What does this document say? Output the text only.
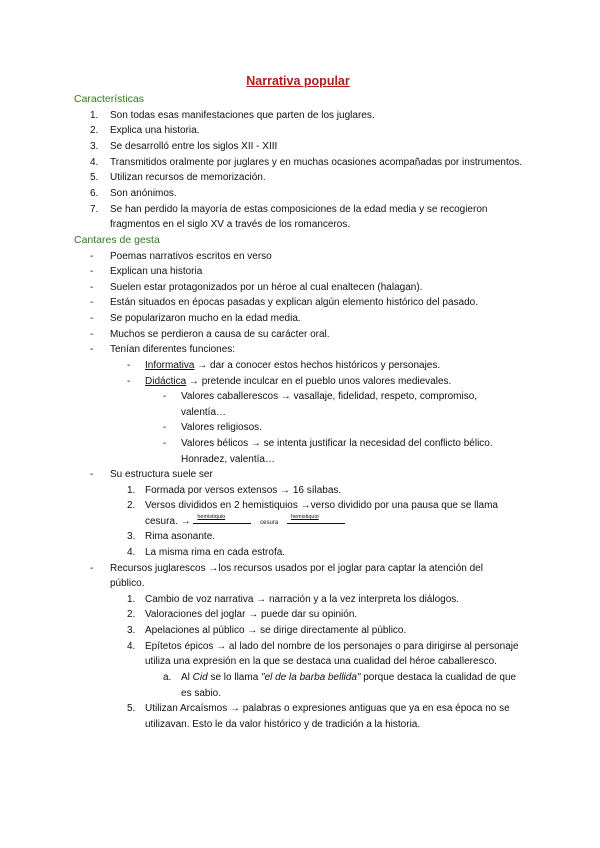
Narrativa popular
Características
1. Son todas esas manifestaciones que parten de los juglares.
2. Explica una historia.
3. Se desarrolló entre los siglos XII - XIII
4. Transmitidos oralmente por juglares y en muchas ocasiones acompañadas por instrumentos.
5. Utilizan recursos de memorización.
6. Son anónimos.
7. Se han perdido la mayoría de estas composiciones de la edad media y se recogieron
fragmentos en el siglo XV a través de los romanceros.
Cantares de gesta
- Poemas narrativos escritos en verso
- Explican una historia
- Suelen estar protagonizados por un héroe al cual enaltecen (halagan).
- Están situados en épocas pasadas y explican algún elemento histórico del pasado.
- Se popularizaron mucho en la edad media.
- Muchos se perdieron a causa de su carácter oral.
- Tenían diferentes funciones:
- Informativa → dar a conocer estos hechos históricos y personajes.
- Didáctica → pretende inculcar en el pueblo unos valores medievales.
- Valores caballerescos → vasallaje, fidelidad, respeto, compromiso,
valentía…
- Valores religiosos.
- Valores bélicos → se intenta justificar la necesidad del conflicto bélico.
Honradez, valentía…
- Su estructura suele ser
1. Formada por versos extensos → 16 sílabas.
2. Versos divididos en 2 hemistiquios →verso dividido por una pausa que se llama
cesura. → hemistiquio
cesura
hemistiquio
3. Rima asonante.
4. La misma rima en cada estrofa.
- Recursos juglarescos →los recursos usados por el joglar para captar la atención del
público.
1. Cambio de voz narrativa → narración y a la vez interpreta los diálogos.
2. Valoraciones del joglar → puede dar su opinión.
3. Apelaciones al público → se dirige directamente al público.
4. Epítetos épicos → al lado del nombre de los personajes o para dirigirse al personaje
utiliza una expresión en la que se destaca una cualidad del héroe caballeresco.
a. Al Cid se lo llama "el de la barba bellida" porque destaca la cualidad de que
es sabio.
5. Utilizan Arcaísmos → palabras o expresiones antiguas que ya en esa época no se
utilizavan. Esto le da valor histórico y de tradición a la historia.
